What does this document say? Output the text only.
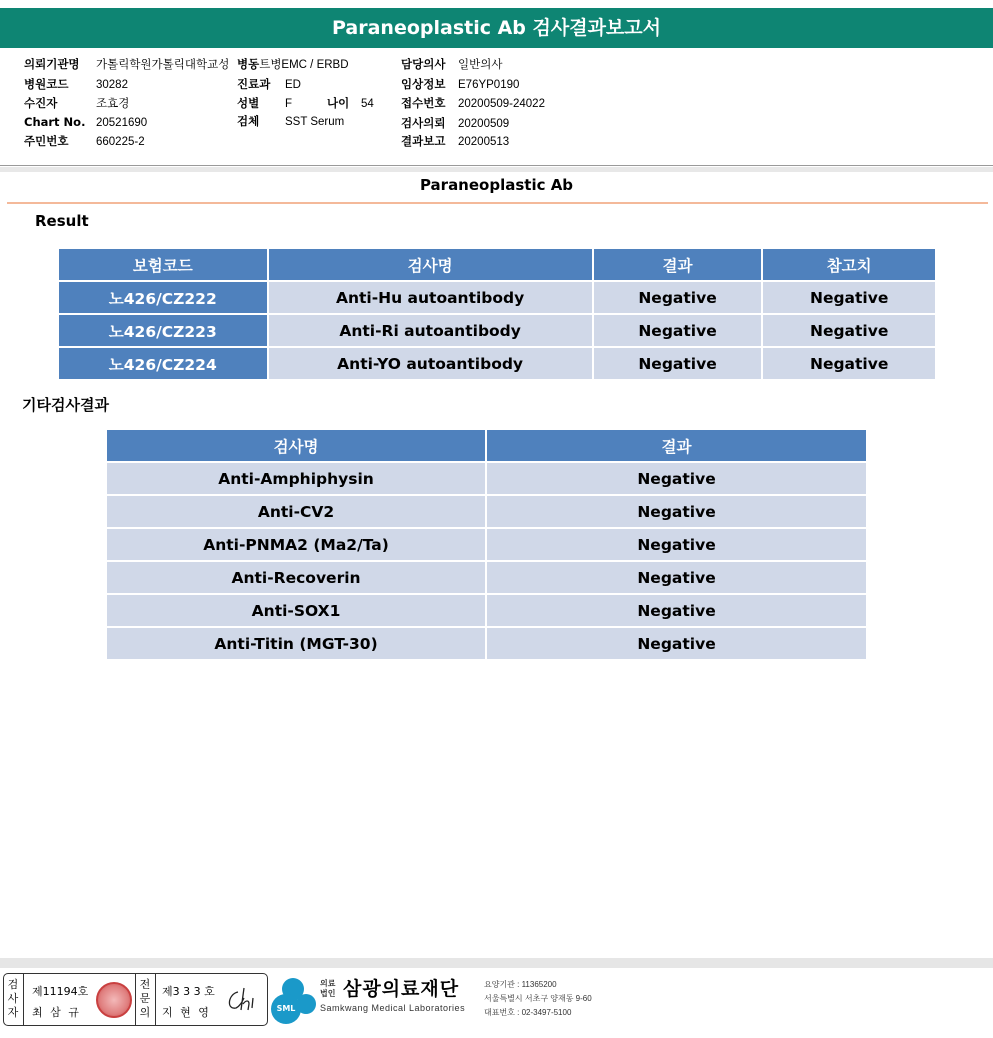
Paraneoplastic Ab 검사결과보고서
의뢰기관명 가톨릭학원가톨릭대학교성
병원코드 30282
수진자	조효경
Chart No. 20521690
주민번호 660225-2
병동트병EMC / ERBD
진료과 ED
성별 F	나이 54
검체 SST Serum
담당의사 일반의사
임상정보 E76YP0190
접수번호 20200509-24022
검사의뢰 20200509
결과보고 20200513
Paraneoplastic Ab
Result
보험코드	검사명	결과	참고치
노426/CZ222	Anti-Hu autoantibody	Negative	Negative
노426/CZ223	Anti-Ri autoantibody	Negative	Negative
노426/CZ224	Anti-YO autoantibody	Negative	Negative
기타검사결과
검사명	결과
Anti-Amphiphysin	Negative
Anti-CV2	Negative
Anti-PNMA2 (Ma2/Ta)	Negative
Anti-Recoverin	Negative
Anti-SOX1	Negative
Anti-Titin (MGT-30)	Negative
검
사
자
제11194호
최 삼 규
전
문
의
제3 3 3 호
지 현 영	SML
의료
법인 삼광의료재단
Samkwang Medical Laboratories
요양기관 : 11365200
서울특별시 서초구 양재동 9-60
대표번호 : 02-3497-5100
